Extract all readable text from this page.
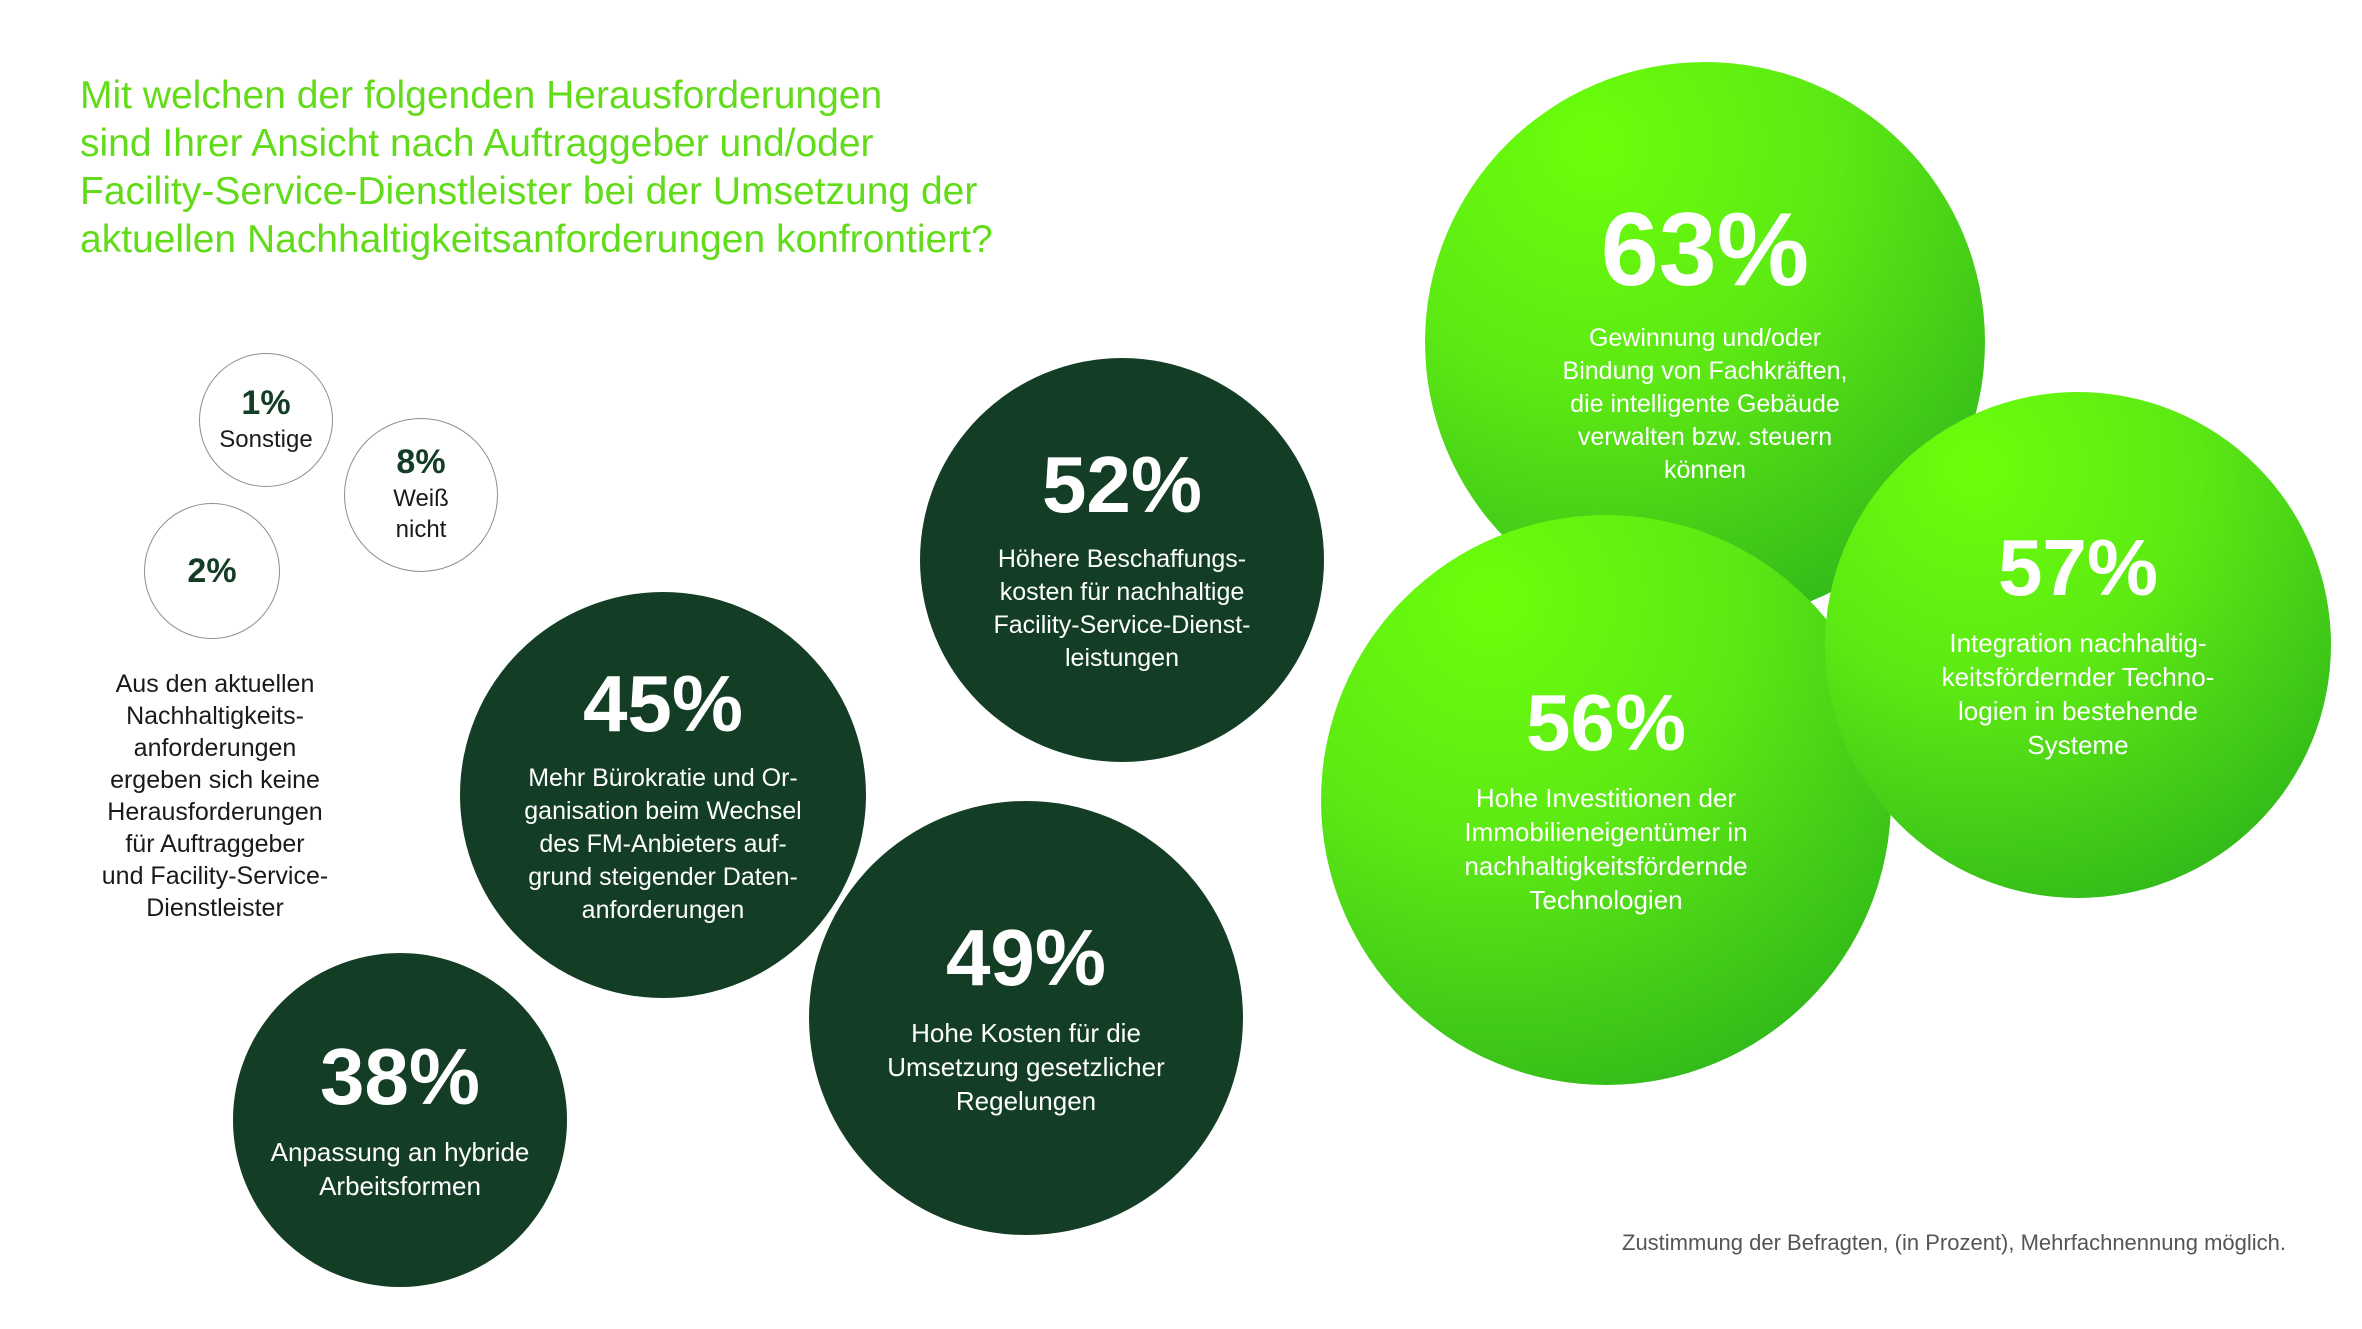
Mit welchen der folgenden Herausforderungen
sind Ihrer Ansicht nach Auftraggeber und/oder
Facility-Service-Dienstleister bei der Umsetzung der
aktuellen Nachhaltigkeitsanforderungen konfrontiert?
1%
Sonstige
8%
Weiß
nicht
2%
38%
Anpassung an hybride
Arbeitsformen
45%
Mehr Bürokratie und Or-
ganisation beim Wechsel
des FM-Anbieters auf-
grund steigender Daten-
anforderungen
49%
Hohe Kosten für die
Umsetzung gesetzlicher
Regelungen
52%
Höhere Beschaffungs-
kosten für nachhaltige
Facility-Service-Dienst-
leistungen
63%
Gewinnung und/oder
Bindung von Fachkräften,
die intelligente Gebäude
verwalten bzw. steuern
können
56%
Hohe Investitionen der
Immobilieneigentümer in
nachhaltigkeitsfördernde
Technologien
57%
Integration nachhaltig-
keitsfördernder Techno-
logien in bestehende
Systeme
Aus den aktuellen
Nachhaltigkeits-
anforderungen
ergeben sich keine
Herausforderungen
für Auftraggeber
und Facility-Service-
Dienstleister
Zustimmung der Befragten, (in Prozent), Mehrfachnennung möglich.
